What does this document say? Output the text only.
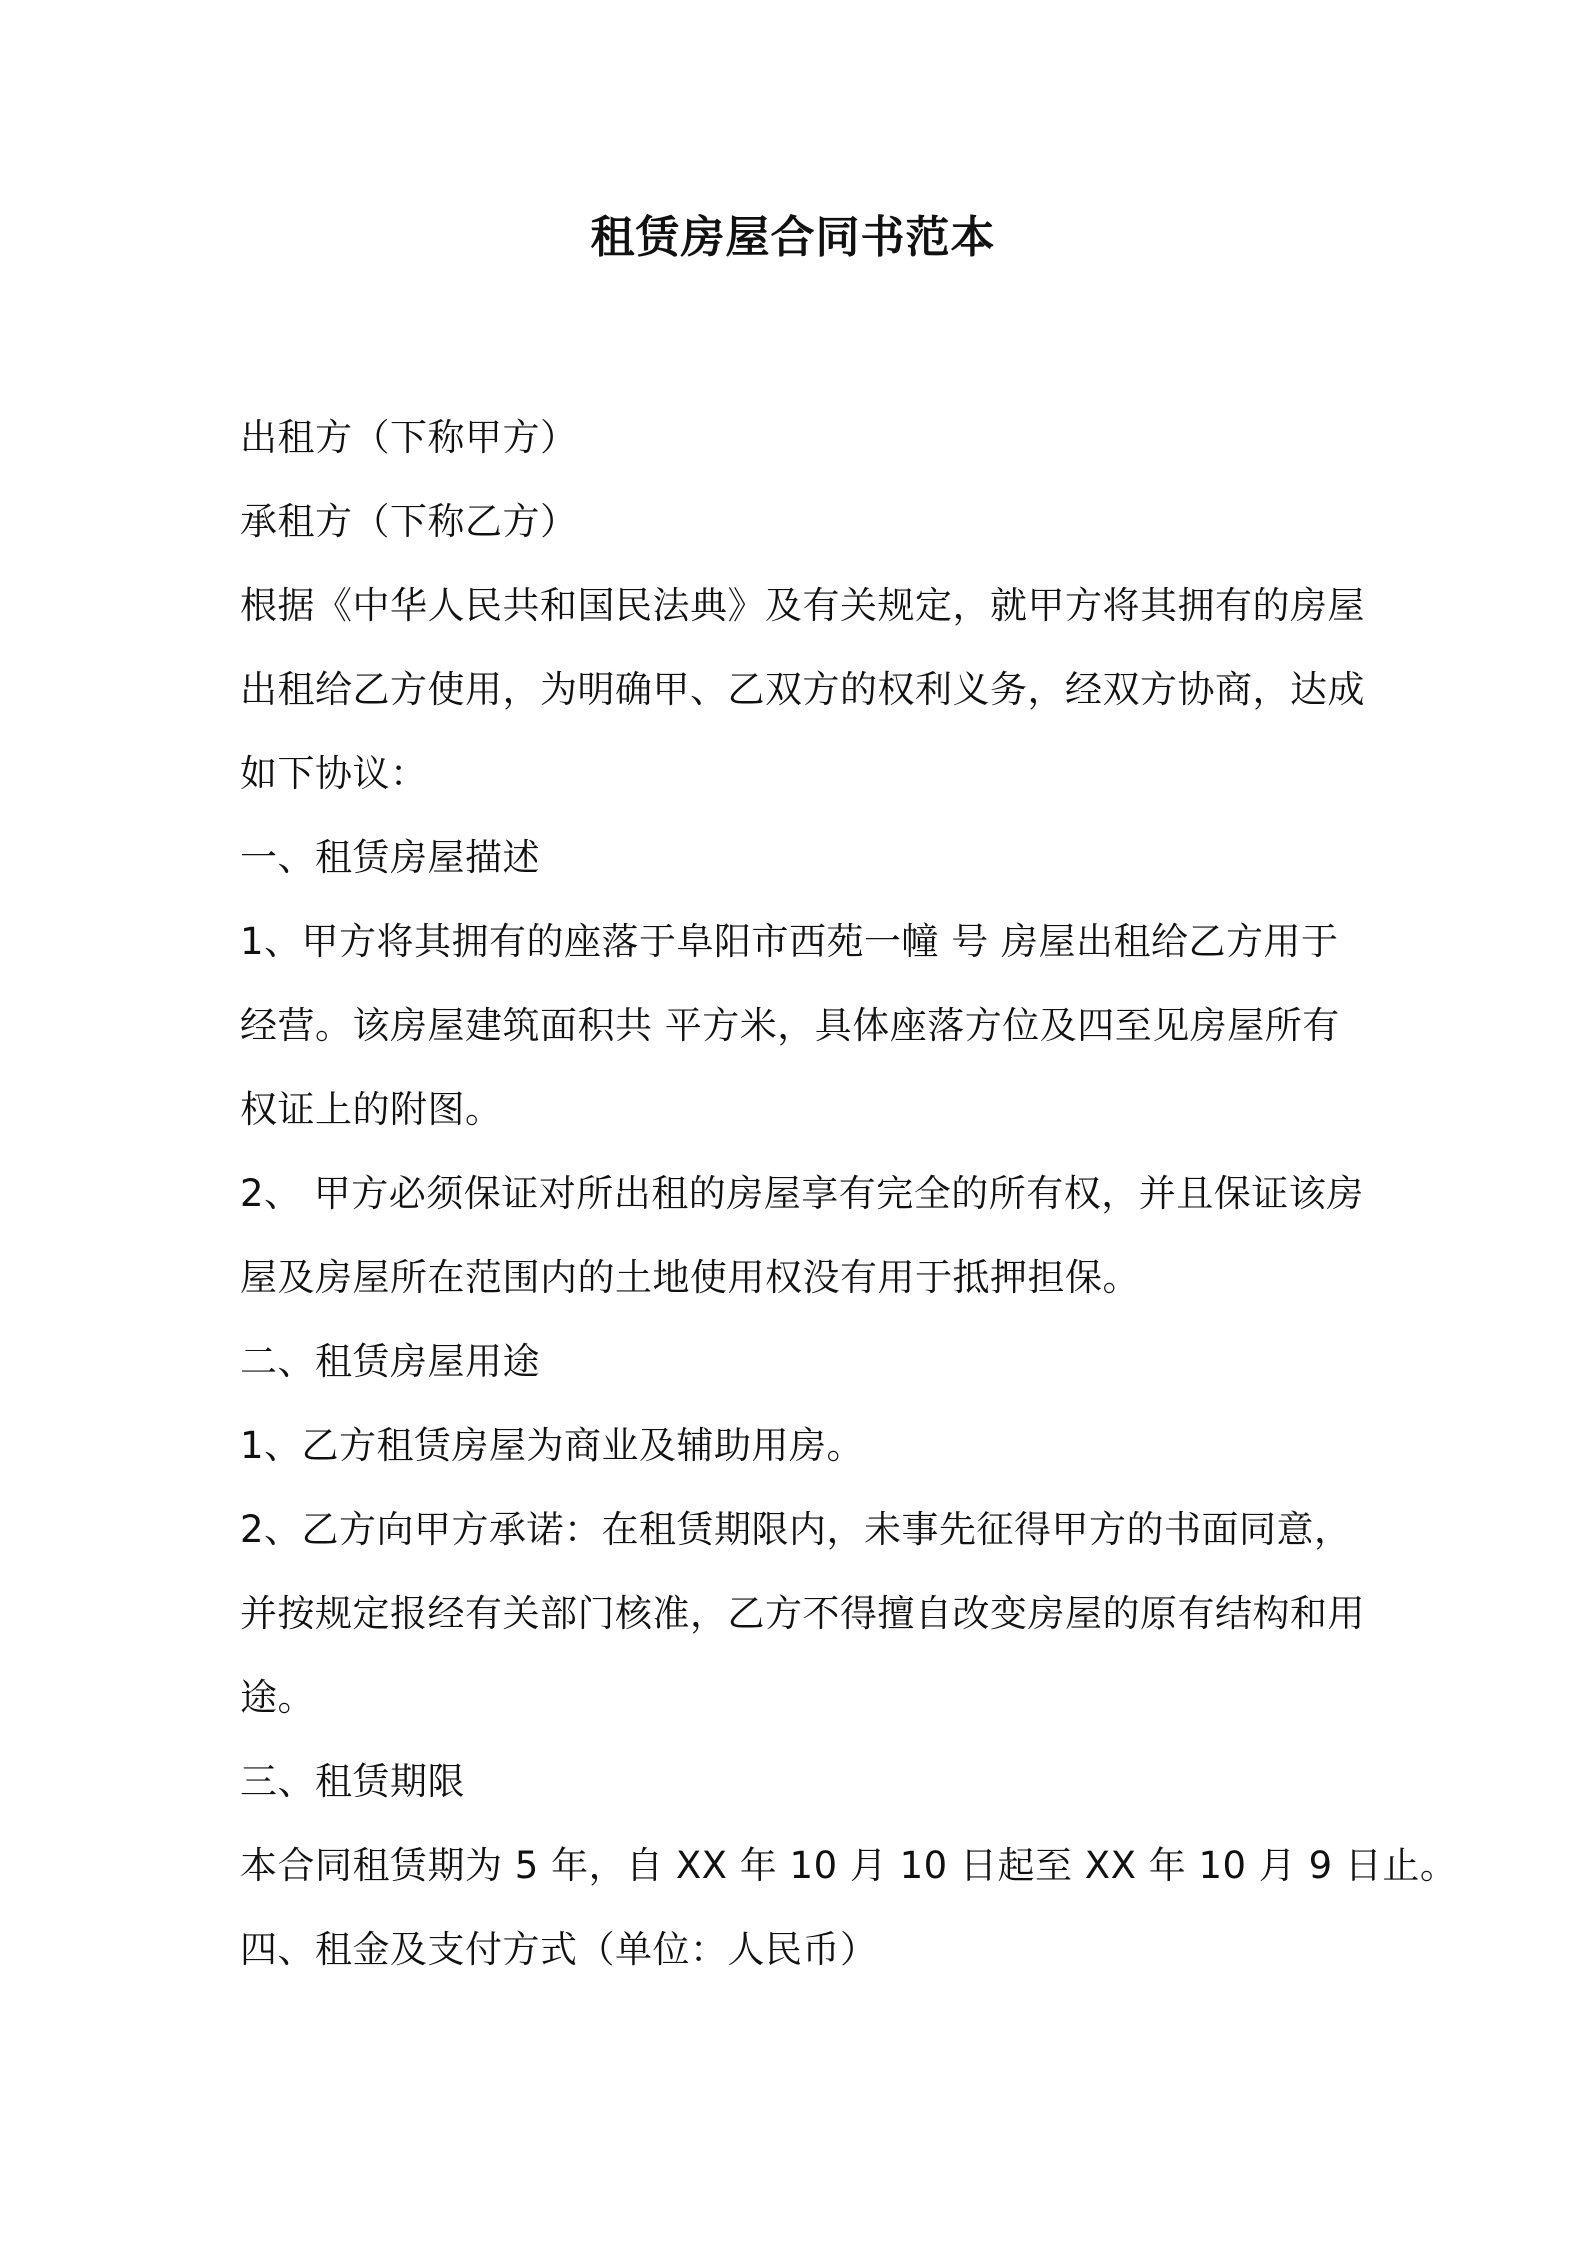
租赁房屋合同书范本
出租方（下称甲方）
承租方（下称乙方）
根据《中华人民共和国民法典》及有关规定，就甲方将其拥有的房屋
出租给乙方使用，为明确甲、乙双方的权利义务，经双方协商，达成
如下协议：
一、租赁房屋描述
1、甲方将其拥有的座落于阜阳市西苑一幢 号 房屋出租给乙方用于
经营。该房屋建筑面积共 平方米，具体座落方位及四至见房屋所有
权证上的附图。
2、 甲方必须保证对所出租的房屋享有完全的所有权，并且保证该房
屋及房屋所在范围内的土地使用权没有用于抵押担保。
二、租赁房屋用途
1、乙方租赁房屋为商业及辅助用房。
2、乙方向甲方承诺：在租赁期限内，未事先征得甲方的书面同意，
并按规定报经有关部门核准，乙方不得擅自改变房屋的原有结构和用
途。
三、租赁期限
本合同租赁期为 5 年，自 XX 年 10 月 10 日起至 XX 年 10 月 9 日止。
四、租金及支付方式（单位：人民币）
